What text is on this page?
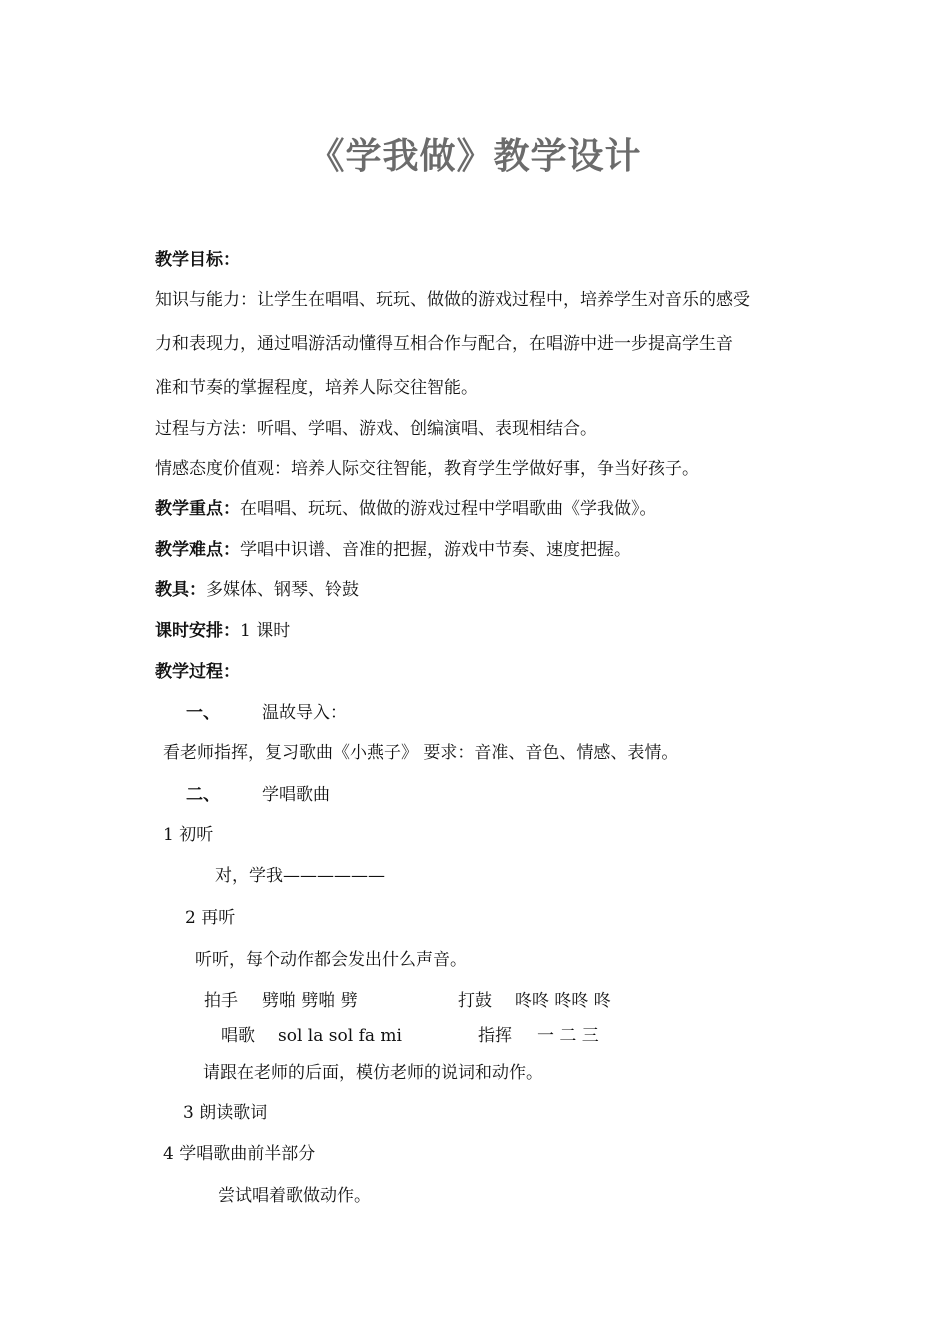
《学我做》教学设计
教学目标：
知识与能力：让学生在唱唱、玩玩、做做的游戏过程中，培养学生对音乐的感受
力和表现力，通过唱游活动懂得互相合作与配合，在唱游中进一步提高学生音
准和节奏的掌握程度，培养人际交往智能。
过程与方法：听唱、学唱、游戏、创编演唱、表现相结合。
情感态度价值观：培养人际交往智能，教育学生学做好事，争当好孩子。
教学重点：在唱唱、玩玩、做做的游戏过程中学唱歌曲《学我做》。
教学难点：学唱中识谱、音准的把握，游戏中节奏、速度把握。
教具：多媒体、钢琴、铃鼓
课时安排：1 课时
教学过程：
一、 温故导入：
看老师指挥，复习歌曲《小燕子》 要求：音准、音色、情感、表情。
二、 学唱歌曲
1 初听
对，学我——————
2 再听
听听，每个动作都会发出什么声音。
拍手 劈啪 劈啪 劈	打鼓 咚咚 咚咚 咚
唱歌 sol la sol fa mi	指挥 一 二 三
请跟在老师的后面，模仿老师的说词和动作。
3 朗读歌词
4 学唱歌曲前半部分
尝试唱着歌做动作。
